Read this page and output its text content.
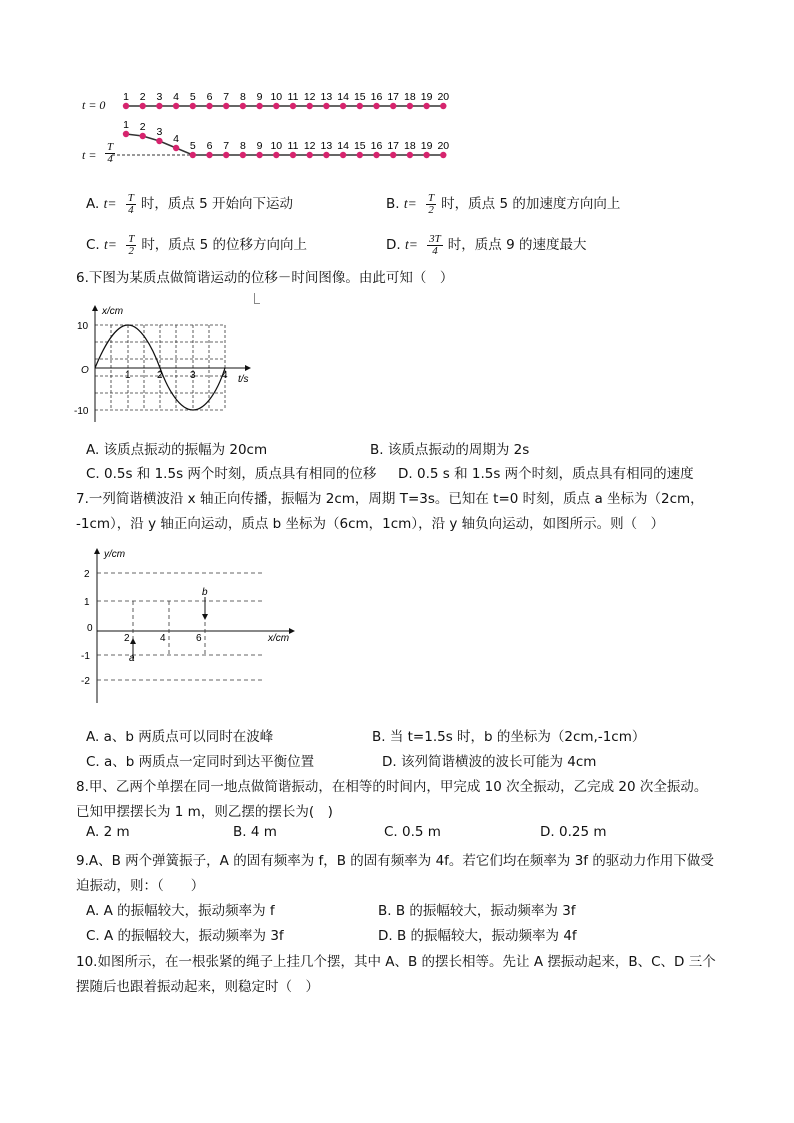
t = 0
$t = \frac{T}{4}$
1
1
2
2
3
3
4
4
5
5
6
6
7
7
8
8
9
9
10
10
11
11
12
12
13
13
14
14
15
15
16
16
17
17
18
18
19
19
20
20
A. $t= \frac{T}{4}$ 时，质点 5 开始向下运动	B. $t= \frac{T}{2}$ 时，质点 5 的加速度方向向上
C. $t= \frac{T}{2}$ 时，质点 5 的位移方向向上	D. $t= \frac{3T}{4}$ 时，质点 9 的速度最大
6.下图为某质点做简谐运动的位移－时间图像。由此可知（　）
x/cm
10
-10
O	1	2	3	4 t/s
A. 该质点振动的振幅为 20cm	B. 该质点振动的周期为 2s
C. 0.5s 和 1.5s 两个时刻，质点具有相同的位移 D. 0.5 s 和 1.5s 两个时刻，质点具有相同的速度
7.一列简谐横波沿 x 轴正向传播，振幅为 2cm，周期 T=3s。已知在 t=0 时刻，质点 a 坐标为（2cm，
-1cm），沿 y 轴正向运动，质点 b 坐标为（6cm，1cm），沿 y 轴负向运动，如图所示。则（　）
y/cm
2
1
-1
-2
0
2	4	6	x/cm
a
b
A. a、b 两质点可以同时在波峰	B. 当 t=1.5s 时，b 的坐标为（2cm,-1cm）
C. a、b 两质点一定同时到达平衡位置	D. 该列简谐横波的波长可能为 4cm
8.甲、乙两个单摆在同一地点做简谐振动，在相等的时间内，甲完成 10 次全振动，乙完成 20 次全振动。
已知甲摆摆长为 1 m，则乙摆的摆长为(　)
A. 2 m	B. 4 m	C. 0.5 m	D. 0.25 m
9.A、B 两个弹簧振子，A 的固有频率为 f，B 的固有频率为 4f。若它们均在频率为 3f 的驱动力作用下做受
迫振动，则：（　　）
A. A 的振幅较大，振动频率为 f	B. B 的振幅较大，振动频率为 3f
C. A 的振幅较大，振动频率为 3f	D. B 的振幅较大，振动频率为 4f
10.如图所示，在一根张紧的绳子上挂几个摆，其中 A、B 的摆长相等。先让 A 摆振动起来，B、C、D 三个
摆随后也跟着振动起来，则稳定时（　）
